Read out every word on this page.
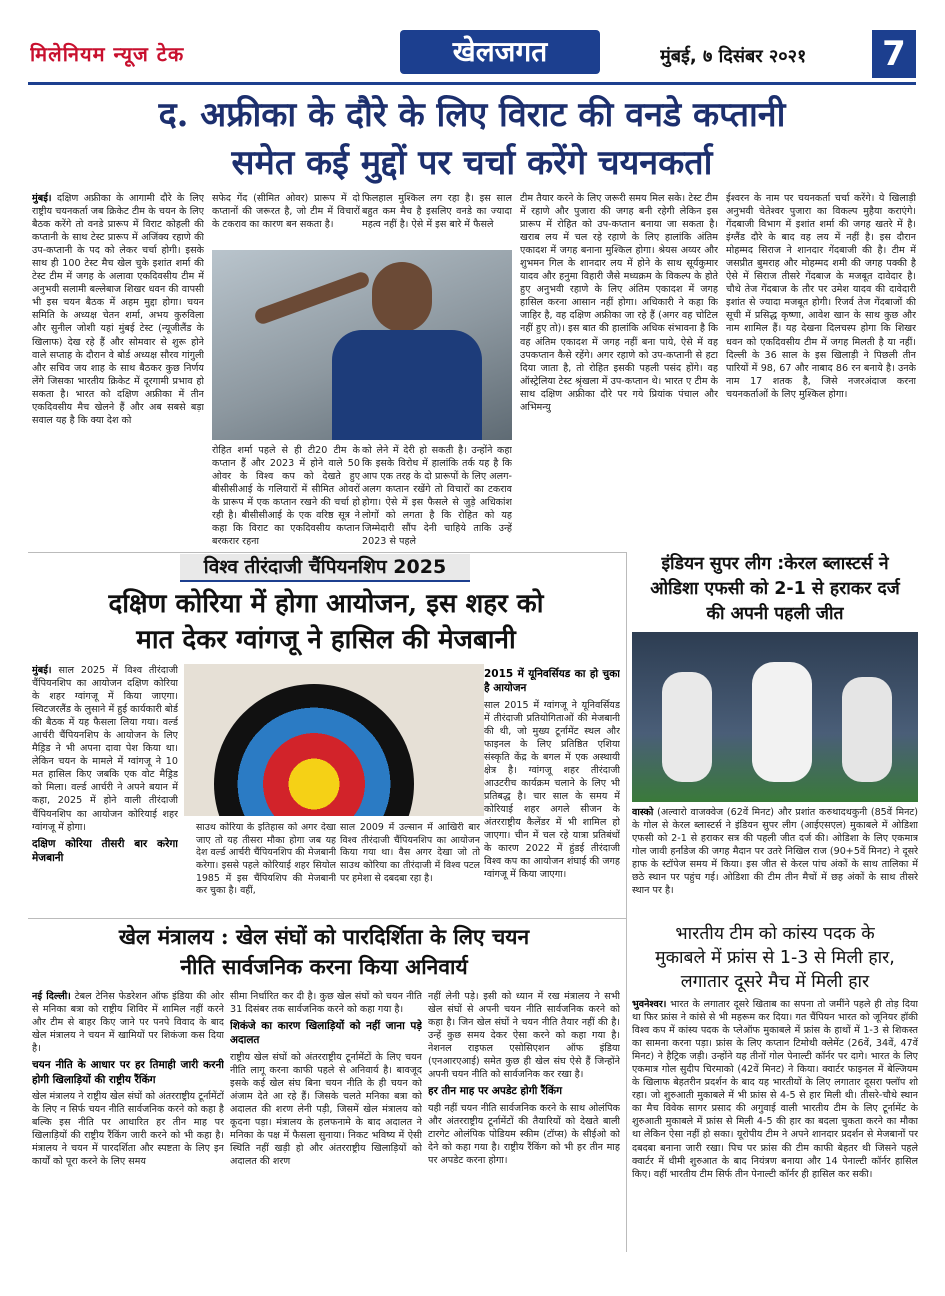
मिलेनियम न्यूज टेक	खेलजगत	मुंबई, ७ दिसंबर २०२१ 7
द. अफ्रीका के दौरे के लिए विराट की वनडे कप्तानी
समेत कई मुद्दों पर चर्चा करेंगे चयनकर्ता
मुंबई। दक्षिण अफ्रीका के आगामी दौरे के लिए राष्ट्रीय चयनकर्ता जब क्रिकेट टीम के चयन के लिए बैठक करेंगे तो वनडे प्रारूप में विराट कोहली की कप्तानी के साथ टेस्ट प्रारूप में अजिंक्य रहाणे की उप-कप्तानी के पद को लेकर चर्चा होगी। इसके साथ ही 100 टेस्ट मैच खेल चुके इशांत शर्मा की टेस्ट टीम में जगह के अलावा एकदिवसीय टीम में अनुभवी सलामी बल्लेबाज शिखर धवन की वापसी भी इस चयन बैठक में अहम मुद्दा होगा। चयन समिति के अध्यक्ष चेतन शर्मा, अभय कुरुविला और सुनील जोशी यहां मुंबई टेस्ट (न्यूजीलैंड के खिलाफ) देख रहे हैं और सोमवार से शुरू होने वाले सप्ताह के दौरान वे बोर्ड अध्यक्ष सौरव गांगुली और सचिव जय शाह के साथ बैठकर कुछ निर्णय लेंगे जिसका भारतीय क्रिकेट में दूरगामी प्रभाव हो सकता है। भारत को दक्षिण अफ्रीका में तीन एकदिवसीय मैच खेलने हैं और अब सबसे बड़ा सवाल यह है कि क्या देश को
सफेद गेंद (सीमित ओवर) प्रारूप में दो कप्तानों की जरूरत है, जो टीम में विचारों के टकराव का कारण बन सकता है।
फिलहाल मुश्किल लग रहा है। इस साल बहुत कम मैच है इसलिए वनडे का ज्यादा महत्व नहीं है। ऐसे में इस बारे में फैसले
रोहित शर्मा पहले से ही टी20 टीम के कप्तान हैं और 2023 में होने वाले 50 ओवर के विश्व कप को देखते हुए बीसीसीआई के गलियारों में सीमित ओवरों के प्रारूप में एक कप्तान रखने की चर्चा हो रही है। बीसीसीआई के एक वरिष्ठ सूत्र ने कहा कि विराट का एकदिवसीय कप्तान बरकरार रहना
को लेने में देरी हो सकती है। उन्होंने कहा कि इसके विरोध में हालांकि तर्क यह है कि आप एक तरह के दो प्रारूपों के लिए अलग-अलग कप्तान रखेंगे तो विचारों का टकराव होगा। ऐसे में इस फैसले से जुड़े अधिकांश लोगों को लगता है कि रोहित को यह जिम्मेदारी सौंप देनी चाहिये ताकि उन्हें 2023 से पहले
टीम तैयार करने के लिए जरूरी समय मिल सके। टेस्ट टीम में रहाणे और पुजारा की जगह बनी रहेगी लेकिन इस प्रारूप में रोहित को उप-कप्तान बनाया जा सकता है। खराब लय में चल रहे रहाणे के लिए हालांकि अंतिम एकादश में जगह बनाना मुश्किल होगा। श्रेयस अय्यर और शुभमन गिल के शानदार लय में होने के साथ सूर्यकुमार यादव और हनुमा विहारी जैसे मध्यक्रम के विकल्प के होते हुए अनुभवी रहाणे के लिए अंतिम एकादश में जगह हासिल करना आसान नहीं होगा। अधिकारी ने कहा कि जाहिर है, वह दक्षिण अफ्रीका जा रहे हैं (अगर वह चोटिल नहीं हुए तो)। इस बात की हालांकि अधिक संभावना है कि वह अंतिम एकादश में जगह नहीं बना पाये, ऐसे में वह उपकप्तान कैसे रहेंगे। अगर रहाणे को उप-कप्तानी से हटा दिया जाता है, तो रोहित इसकी पहली पसंद होंगे। वह ऑस्ट्रेलिया टेस्ट श्रृंखला में उप-कप्तान थे। भारत ए टीम के साथ दक्षिण अफ्रीका दौरे पर गये प्रियांक पंचाल और अभिमन्यु
ईश्वरन के नाम पर चयनकर्ता चर्चा करेंगे। ये खिलाड़ी अनुभवी चेतेश्वर पुजारा का विकल्प मुहैया कराएंगे। गेंदबाजी विभाग में इशांत शर्मा की जगह खतरे में है। इंग्लैंड दौरे के बाद वह लय में नहीं है। इस दौरान मोहम्मद सिराज ने शानदार गेंदबाजी की है। टीम में जसप्रीत बुमराह और मोहम्मद शमी की जगह पक्की है ऐसे में सिराज तीसरे गेंदबाज के मजबूत दावेदार है। चौथे तेज गेंदबाज के तौर पर उमेश यादव की दावेदारी इशांत से ज्यादा मजबूत होगी। रिजर्व तेज गेंदबाजों की सूची में प्रसिद्ध कृष्णा, आवेश खान के साथ कुछ और नाम शामिल हैं। यह देखना दिलचस्प होगा कि शिखर धवन को एकदिवसीय टीम में जगह मिलती है या नहीं। दिल्ली के 36 साल के इस खिलाड़ी ने पिछली तीन पारियों में 98, 67 और नाबाद 86 रन बनाये है। उनके नाम 17 शतक है, जिसे नजरअंदाज करना चयनकर्ताओं के लिए मुश्किल होगा।
विश्व तीरंदाजी चैंपियनशिप 2025
दक्षिण कोरिया में होगा आयोजन, इस शहर को
मात देकर ग्वांगजू ने हासिल की मेजबानी
मुंबई। साल 2025 में विश्व तीरंदाजी चैंपियनशिप का आयोजन दक्षिण कोरिया के शहर ग्वांगजू में किया जाएगा। स्विटजरलैंड के लुसाने में हुई कार्यकारी बोर्ड की बैठक में यह फैसला लिया गया। वर्ल्ड आर्चरी चैंपियनशिप के आयोजन के लिए मैड्रिड ने भी अपना दावा पेश किया था। लेकिन चयन के मामले में ग्वांगजू ने 10 मत हासिल किए जबकि एक वोट मैड्रिड को मिला। वर्ल्ड आर्चरी ने अपने बयान में कहा, 2025 में होने वाली तीरंदाजी चैंपियनशिप का आयोजन कोरियाई शहर ग्वांगजू में होगा।
दक्षिण कोरिया तीसरी बार करेगा मेजबानी
साउथ कोरिया के इतिहास को अगर देखा जाए तो यह तीसरा मौका होगा जब यह देश वर्ल्ड आर्चरी चैंपियनशिप की मेजबानी करेगा। इससे पहले कोरियाई शहर सियोल 1985 में इस चैंपियशिप की मेजबानी कर चुका है। वहीं,
साल 2009 में उल्सान में आखिरी बार विश्व तीरंदाजी चैंपियनशिप का आयोजन किया गया था। वैस अगर देखा जो तो साउथ कोरिया का तीरंदाजी में विश्व पटल पर हमेशा से दबदबा रहा है।
2015 में यूनिवर्सियड का हो चुका है आयोजन
साल 2015 में ग्वांगजू ने यूनिवर्सियड में तीरंदाजी प्रतियोगिताओं की मेजबानी की थी, जो मुख्य टूर्नामेंट स्थल और फाइनल के लिए प्रतिष्ठित एशिया संस्कृति केंद्र के बगल में एक अस्थायी क्षेत्र है। ग्वांगजू शहर तीरंदाजी आउटरीच कार्यक्रम चलाने के लिए भी प्रतिबद्ध है। चार साल के समय में कोरियाई शहर अगले सीजन के अंतरराष्ट्रीय कैलेंडर में भी शामिल हो जाएगा। चीन में चल रहे यात्रा प्रतिबंधों के कारण 2022 में हुंडई तीरंदाजी विश्व कप का आयोजन शंघाई की जगह ग्वांगजू में किया जाएगा।
इंडियन सुपर लीग :केरल ब्लास्टर्स ने
ओडिशा एफसी को 2-1 से हराकर दर्ज
की अपनी पहली जीत
वास्को (अल्वारो वाजक्वेज (62वें मिनट) और प्रशांत करुथादथकुनी (85वें मिनट) के गोल से केरल ब्लास्टर्स ने इंडियन सुपर लीग (आईएसएल) मुकाबले में ओडिशा एफसी को 2-1 से हराकर सत्र की पहली जीत दर्ज की। ओडिशा के लिए एकमात्र गोल जावी हर्नांडेज की जगह मैदान पर उतरे निखिल राज (90+5वें मिनट) ने दूसरे हाफ के स्टॉपेज समय में किया। इस जीत से केरल पांच अंकों के साथ तालिका में छठे स्थान पर पहुंच गई। ओडिशा की टीम तीन मैचों में छह अंकों के साथ तीसरे स्थान पर है।
भारतीय टीम को कांस्य पदक के
मुकाबले में फ्रांस से 1-3 से मिली हार,
लगातार दूसरे मैच में मिली हार
भुवनेश्वर। भारत के लगातार दूसरे खिताब का सपना तो जमींने पहले ही तोड़ दिया था फिर फ्रांस ने कांसे से भी महरूम कर दिया। गत चैंपियन भारत को जूनियर हॉकी विश्व कप में कांस्य पदक के प्लेऑफ मुकाबले में फ्रांस के हाथों में 1-3 से शिकस्त का सामना करना पड़ा। फ्रांस के लिए कप्तान टिमोथी क्लेमेंट (26वें, 34वें, 47वें मिनट) ने हैट्रिक जड़ी। उन्होंने यह तीनों गोल पेनाल्टी कॉर्नर पर दागे। भारत के लिए एकमात्र गोल सुदीप चिरमाको (42वें मिनट) ने किया। क्वार्टर फाइनल में बेल्जियम के खिलाफ बेहतरीन प्रदर्शन के बाद यह भारतीयों के लिए लगातार दूसरा फ्लॉप शो रहा। जो शुरुआती मुकाबले में भी फ्रांस से 4-5 से हार मिली थी। तीसरे-चौथे स्थान का मैच विवेक सागर प्रसाद की अगुवाई वाली भारतीय टीम के लिए टूर्नामेंट के शुरुआती मुकाबले में फ्रांस से मिली 4-5 की हार का बदला चुकता करने का मौका था लेकिन ऐसा नहीं हो सका। यूरोपीय टीम ने अपने शानदार प्रदर्शन से मेजबानों पर दबदबा बनाना जारी रखा। पिच पर फ्रांस की टीम काफी बेहतर थी जिसने पहले क्वार्टर में धीमी शुरुआत के बाद नियंत्रण बनाया और 14 पेनाल्टी कॉर्नर हासिल किए। वहीं भारतीय टीम सिर्फ तीन पेनाल्टी कॉर्नर ही हासिल कर सकी।
खेल मंत्रालय : खेल संघों को पारदिर्शिता के लिए चयन
नीति सार्वजनिक करना किया अनिवार्य
नई दिल्ली। टेबल टेनिस फेडरेशन ऑफ इंडिया की ओर से मनिका बत्रा को राष्ट्रीय शिविर में शामिल नहीं करने और टीम से बाहर किए जाने पर पनपे विवाद के बाद खेल मंत्रालय ने चयन में खामियों पर शिकंजा कस दिया है।
चयन नीति के आधार पर हर तिमाही जारी करनी होगी खिलाड़ियों की राष्ट्रीय रैंकिंग
खेल मंत्रालय ने राष्ट्रीय खेल संघों को अंतरराष्ट्रीय टूर्नामेंटों के लिए न सिर्फ चयन नीति सार्वजनिक करने को कहा है बल्कि इस नीति पर आधारित हर तीन माह पर खिलाड़ियों की राष्ट्रीय रैंकिंग जारी करने को भी कहा है। मंत्रालय ने चयन में पारदर्शिता और स्पष्टता के लिए इन कार्यों को पूरा करने के लिए समय
सीमा निर्धारित कर दी है। कुछ खेल संघों को चयन नीति 31 दिसंबर तक सार्वजनिक करने को कहा गया है।
शिकंजे का कारण खिलाड़ियों को नहीं जाना पड़े अदालत
राष्ट्रीय खेल संघों को अंतरराष्ट्रीय टूर्नामेंटों के लिए चयन नीति लागू करना काफी पहले से अनिवार्य है। बावजूद इसके कई खेल संघ बिना चयन नीति के ही चयन को अंजाम देते आ रहे हैं। जिसके चलते मनिका बत्रा को अदालत की शरण लेनी पड़ी, जिसमें खेल मंत्रालय को कूदना पड़ा। मंत्रालय के हलफनामे के बाद अदालत ने मनिका के पक्ष में फैसला सुनाया। निकट भविष्य में ऐसी स्थिति नहीं खड़ी हो और अंतरराष्ट्रीय खिलाड़ियों को अदालत की शरण
नहीं लेनी पड़े। इसी को ध्यान में रख मंत्रालय ने सभी खेल संघों से अपनी चयन नीति सार्वजनिक करने को कहा है। जिन खेल संघों ने चयन नीति तैयार नहीं की है। उन्हें कुछ समय देकर ऐसा करने को कहा गया है। नेशनल राइफल एसोसिएशन ऑफ इंडिया (एनआरएआई) समेत कुछ ही खेल संघ ऐसे हैं जिन्होंने अपनी चयन नीति को सार्वजनिक कर रखा है।
हर तीन माह पर अपडेट होगी रैंकिंग
यही नहीं चयन नीति सार्वजनिक करने के साथ ओलंपिक और अंतरराष्ट्रीय टूर्नामेंटों की तैयारियों को देखते बाली टारगेट ओलंपिक पोडियम स्कीम (टॉप्स) के सीईओ को देने को कहा गया है। राष्ट्रीय रैंकिंग को भी हर तीन माह पर अपडेट करना होगा।
